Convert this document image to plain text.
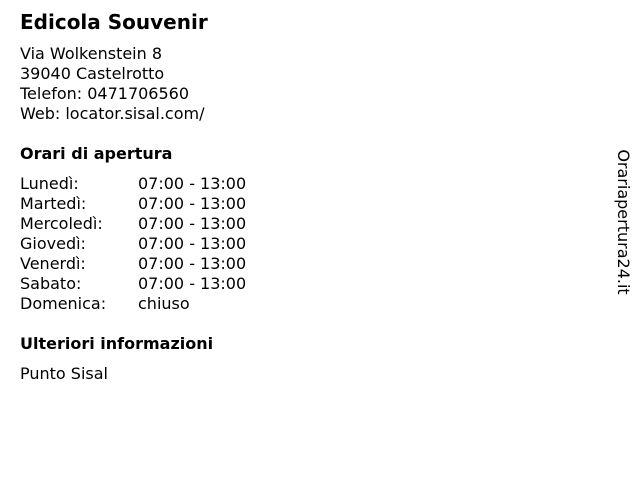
Edicola Souvenir
Via Wolkenstein 8
39040 Castelrotto
Telefon: 0471706560
Web: locator.sisal.com/
Orari di apertura
Lunedì:	07:00 - 13:00
Martedì:	07:00 - 13:00
Mercoledì: 07:00 - 13:00
Giovedì:	07:00 - 13:00
Venerdì:	07:00 - 13:00
Sabato:	07:00 - 13:00
Domenica: chiuso
Ulteriori informazioni
Punto Sisal
Orariapertura24.it
